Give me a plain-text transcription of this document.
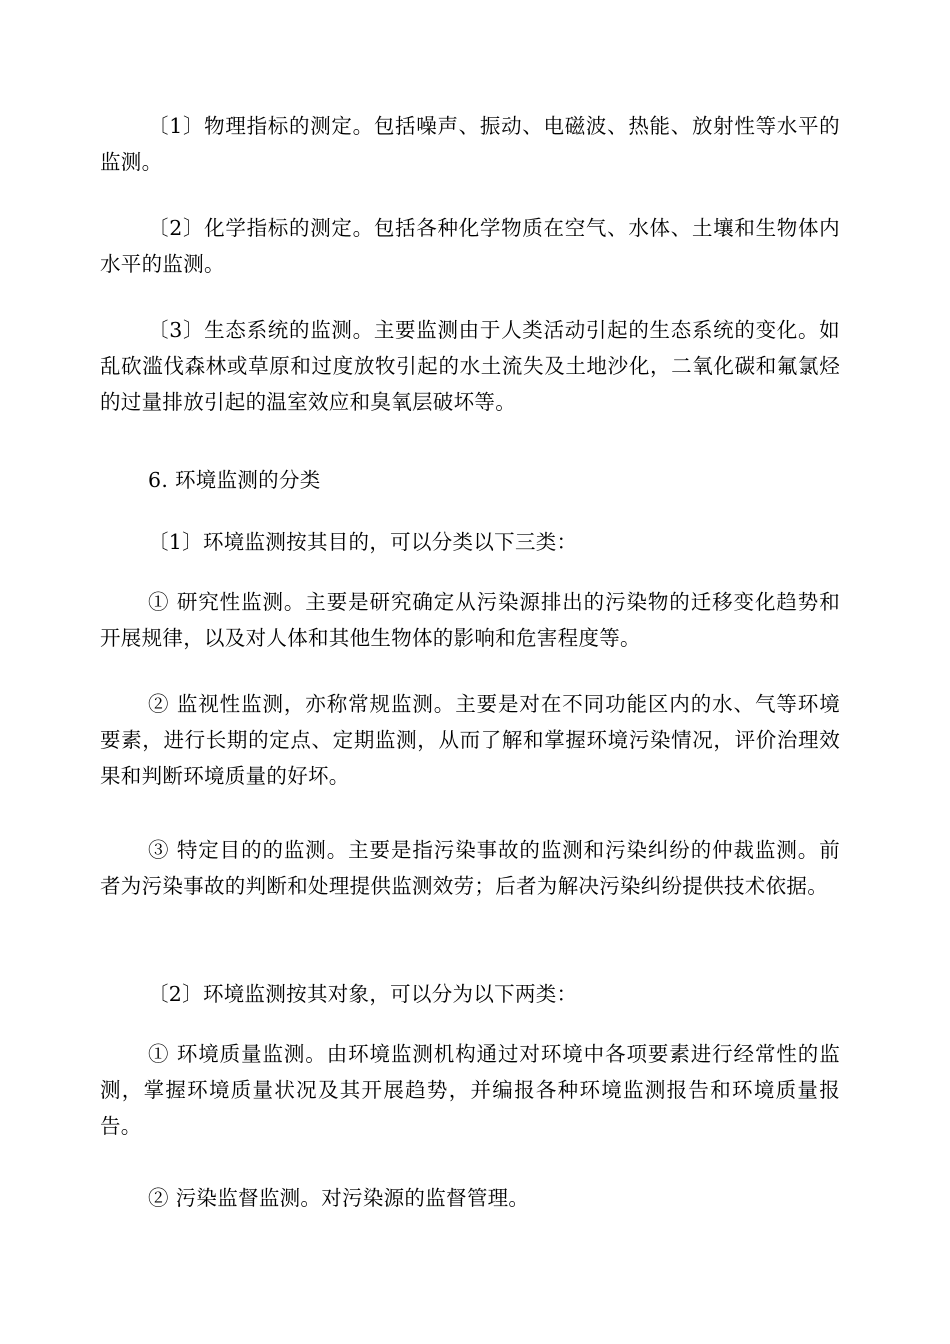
〔1〕物理指标的测定。包括噪声、振动、电磁波、热能、放射性等水平的监测。

〔2〕化学指标的测定。包括各种化学物质在空气、水体、土壤和生物体内水平的监测。

〔3〕生态系统的监测。主要监测由于人类活动引起的生态系统的变化。如乱砍滥伐森林或草原和过度放牧引起的水土流失及土地沙化，二氧化碳和氟氯烃的过量排放引起的温室效应和臭氧层破坏等。

6. 环境监测的分类

〔1〕环境监测按其目的，可以分类以下三类：

① 研究性监测。主要是研究确定从污染源排出的污染物的迁移变化趋势和开展规律，以及对人体和其他生物体的影响和危害程度等。

② 监视性监测，亦称常规监测。主要是对在不同功能区内的水、气等环境要素，进行长期的定点、定期监测，从而了解和掌握环境污染情况，评价治理效果和判断环境质量的好坏。

③ 特定目的的监测。主要是指污染事故的监测和污染纠纷的仲裁监测。前者为污染事故的判断和处理提供监测效劳；后者为解决污染纠纷提供技术依据。

〔2〕环境监测按其对象，可以分为以下两类：

① 环境质量监测。由环境监测机构通过对环境中各项要素进行经常性的监测，掌握环境质量状况及其开展趋势，并编报各种环境监测报告和环境质量报告。

② 污染监督监测。对污染源的监督管理。
